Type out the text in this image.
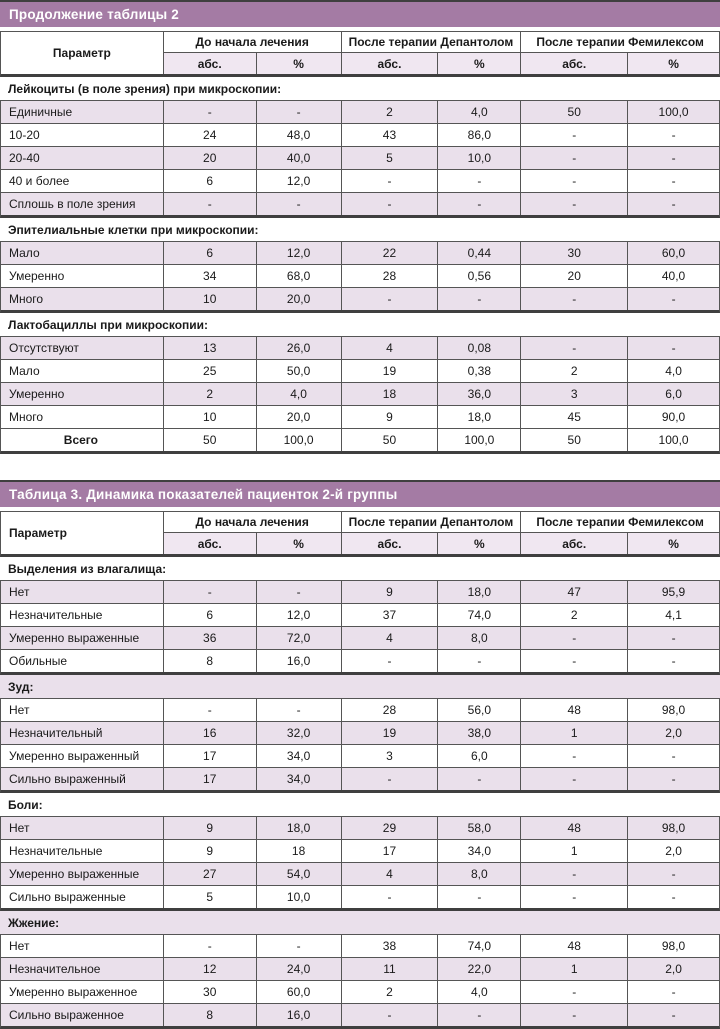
Продолжение таблицы 2
Параметр
До начала лечения	После терапии Депантолом	После терапии Фемилексом
абс.	%	абс.	%	абс.	%
Лейкоциты (в поле зрения) при микроскопии:
Единичные	-	-	2	4,0	50	100,0
10-20	24	48,0	43	86,0	-	-
20-40	20	40,0	5	10,0	-	-
40 и более	6	12,0	-	-	-	-
Сплошь в поле зрения	-	-	-	-	-	-
Эпителиальные клетки при микроскопии:
Мало	6	12,0	22	0,44	30	60,0
Умеренно	34	68,0	28	0,56	20	40,0
Много	10	20,0	-	-	-	-
Лактобациллы при микроскопии:
Отсутствуют	13	26,0	4	0,08	-	-
Мало	25	50,0	19	0,38	2	4,0
Умеренно	2	4,0	18	36,0	3	6,0
Много	10	20,0	9	18,0	45	90,0
Всего	50	100,0	50	100,0	50	100,0
Таблица 3. Динамика показателей пациенток 2-й группы
Параметр
До начала лечения	После терапии Депантолом	После терапии Фемилексом
абс.	%	абс.	%	абс.	%
Выделения из влагалища:
Нет	-	-	9	18,0	47	95,9
Незначительные	6	12,0	37	74,0	2	4,1
Умеренно выраженные	36	72,0	4	8,0	-	-
Обильные	8	16,0	-	-	-	-
Зуд:
Нет	-	-	28	56,0	48	98,0
Незначительный	16	32,0	19	38,0	1	2,0
Умеренно выраженный	17	34,0	3	6,0	-	-
Сильно выраженный	17	34,0	-	-	-	-
Боли:
Нет	9	18,0	29	58,0	48	98,0
Незначительные	9	18	17	34,0	1	2,0
Умеренно выраженные	27	54,0	4	8,0	-	-
Сильно выраженные	5	10,0	-	-	-	-
Жжение:
Нет	-	-	38	74,0	48	98,0
Незначительное	12	24,0	11	22,0	1	2,0
Умеренно выраженное	30	60,0	2	4,0	-	-
Сильно выраженное	8	16,0	-	-	-	-
